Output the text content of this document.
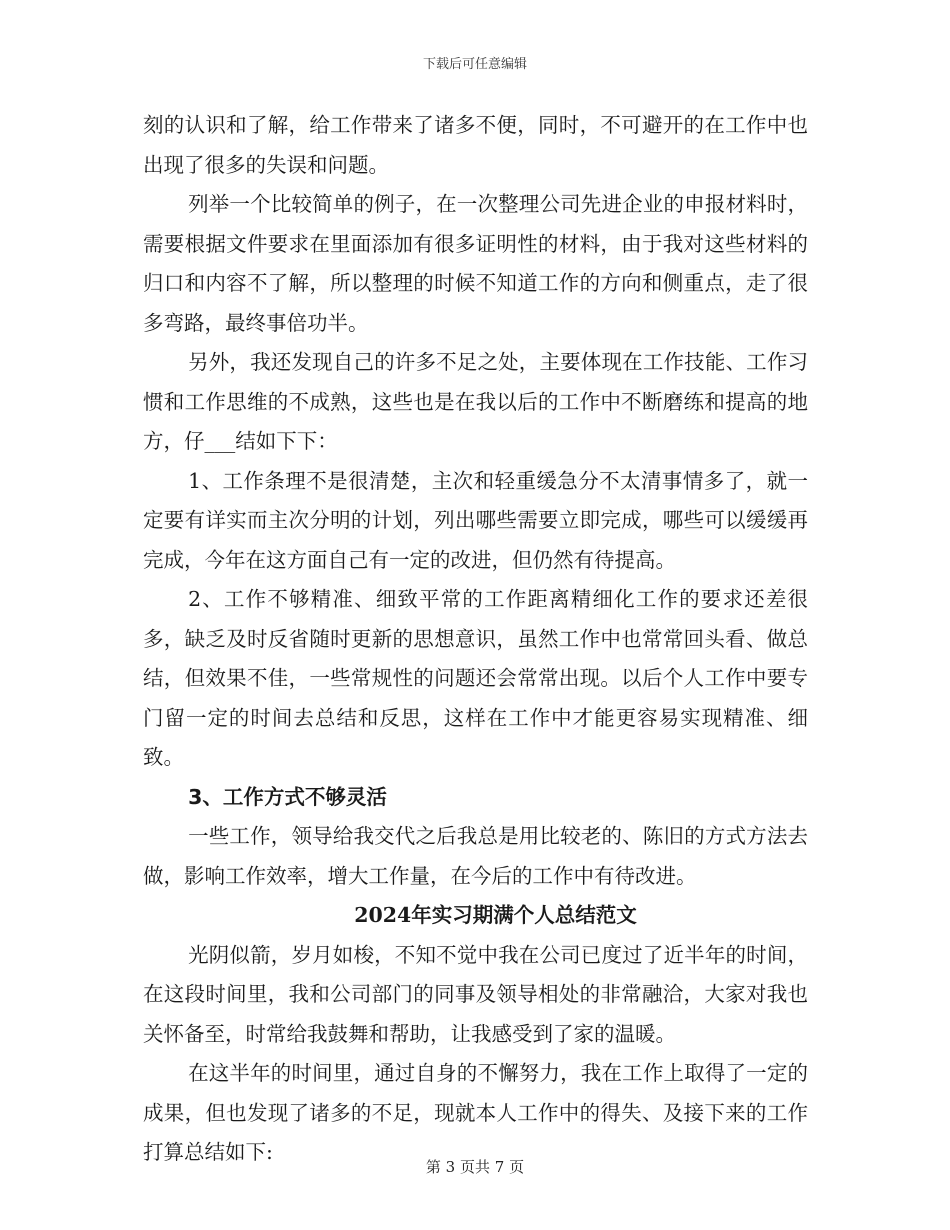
下载后可任意编辑

刻的认识和了解，给工作带来了诸多不便，同时，不可避开的在工作中也出现了很多的失误和问题。

列举一个比较简单的例子，在一次整理公司先进企业的申报材料时，需要根据文件要求在里面添加有很多证明性的材料，由于我对这些材料的归口和内容不了解，所以整理的时候不知道工作的方向和侧重点，走了很多弯路，最终事倍功半。

另外，我还发现自己的许多不足之处，主要体现在工作技能、工作习惯和工作思维的不成熟，这些也是在我以后的工作中不断磨练和提高的地方，仔___结如下下：

1、工作条理不是很清楚，主次和轻重缓急分不太清事情多了，就一定要有详实而主次分明的计划，列出哪些需要立即完成，哪些可以缓缓再完成，今年在这方面自己有一定的改进，但仍然有待提高。

2、工作不够精准、细致平常的工作距离精细化工作的要求还差很多，缺乏及时反省随时更新的思想意识，虽然工作中也常常回头看、做总结，但效果不佳，一些常规性的问题还会常常出现。以后个人工作中要专门留一定的时间去总结和反思，这样在工作中才能更容易实现精准、细致。

3、工作方式不够灵活

一些工作，领导给我交代之后我总是用比较老的、陈旧的方式方法去做，影响工作效率，增大工作量，在今后的工作中有待改进。

2024年实习期满个人总结范文

光阴似箭，岁月如梭，不知不觉中我在公司已度过了近半年的时间，在这段时间里，我和公司部门的同事及领导相处的非常融洽，大家对我也关怀备至，时常给我鼓舞和帮助，让我感受到了家的温暖。

在这半年的时间里，通过自身的不懈努力，我在工作上取得了一定的成果，但也发现了诸多的不足，现就本人工作中的得失、及接下来的工作打算总结如下:

第 3 页共 7 页
